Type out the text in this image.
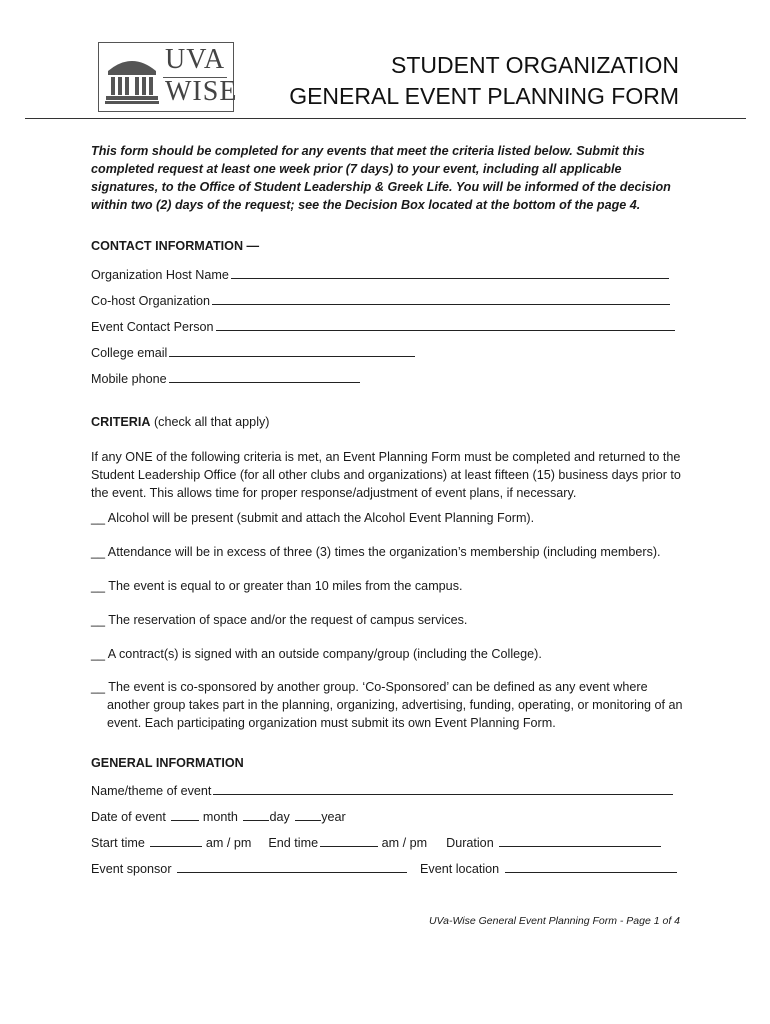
UVA
WISE
STUDENT ORGANIZATION
GENERAL EVENT PLANNING FORM
This form should be completed for any events that meet the criteria listed below. Submit this completed request at least one week prior (7 days) to your event, including all applicable signatures, to the Office of Student Leadership & Greek Life. You will be informed of the decision within two (2) days of the request; see the Decision Box located at the bottom of the page 4.
CONTACT INFORMATION —
Organization Host Name
Co-host Organization
Event Contact Person
College email
Mobile phone
CRITERIA (check all that apply)
If any ONE of the following criteria is met, an Event Planning Form must be completed and returned to the Student Leadership Office (for all other clubs and organizations) at least fifteen (15) business days prior to the event. This allows time for proper response/adjustment of event plans, if necessary.
__ Alcohol will be present (submit and attach the Alcohol Event Planning Form).
__ Attendance will be in excess of three (3) times the organization’s membership (including members).
__ The event is equal to or greater than 10 miles from the campus.
__ The reservation of space and/or the request of campus services.
__ A contract(s) is signed with an outside company/group (including the College).
__ The event is co-sponsored by another group. ‘Co-Sponsored’ can be defined as any event where
another group takes part in the planning, organizing, advertising, funding, operating, or monitoring of an event. Each participating organization must submit its own Event Planning Form.
GENERAL INFORMATION
Name/theme of event
Date of event	month	day	year
Start time	am / pm End time	am / pm Duration
Event sponsor	Event location
UVa-Wise General Event Planning Form - Page 1 of 4
